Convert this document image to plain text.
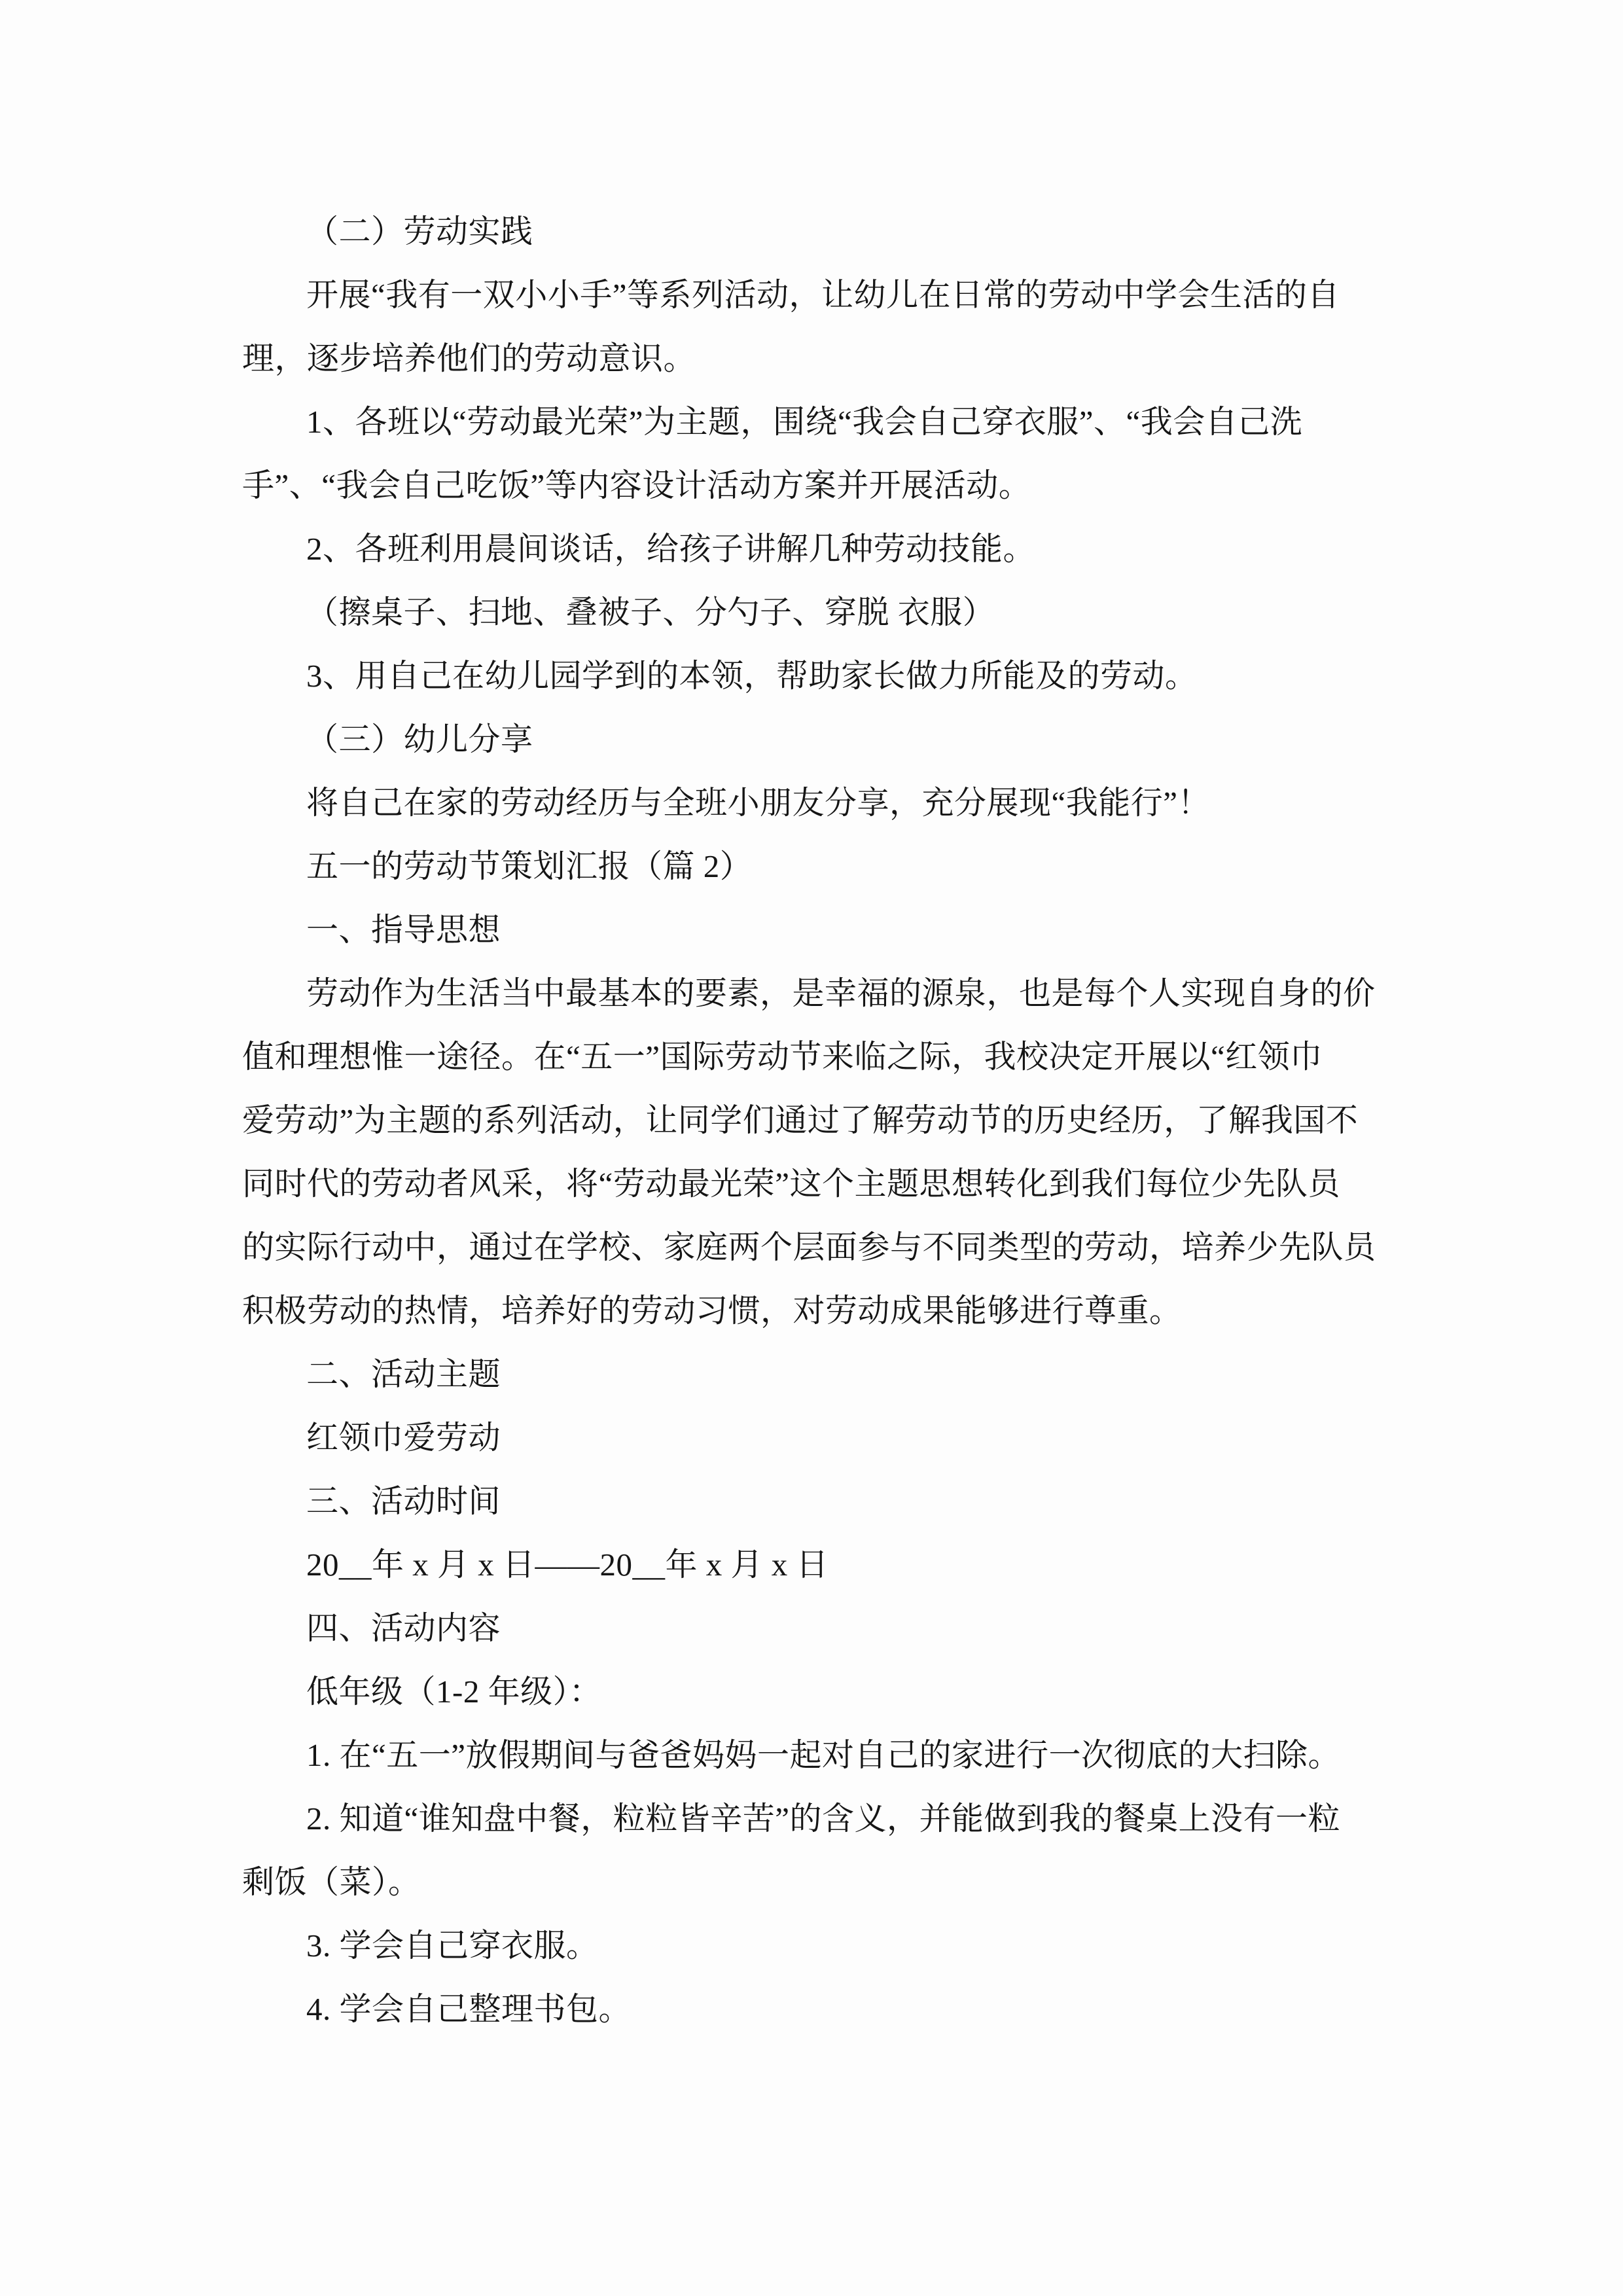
（二）劳动实践
开展“我有一双小小手”等系列活动，让幼儿在日常的劳动中学会生活的自
理，逐步培养他们的劳动意识。
1、各班以“劳动最光荣”为主题，围绕“我会自己穿衣服”、“我会自己洗
手”、“我会自己吃饭”等内容设计活动方案并开展活动。
2、各班利用晨间谈话，给孩子讲解几种劳动技能。
（擦桌子、扫地、叠被子、分勺子、穿脱 衣服）
3、用自己在幼儿园学到的本领，帮助家长做力所能及的劳动。
（三）幼儿分享
将自己在家的劳动经历与全班小朋友分享，充分展现“我能行”！
五一的劳动节策划汇报（篇 2）
一、指导思想
劳动作为生活当中最基本的要素，是幸福的源泉，也是每个人实现自身的价
值和理想惟一途径。在“五一”国际劳动节来临之际，我校决定开展以“红领巾
爱劳动”为主题的系列活动，让同学们通过了解劳动节的历史经历，了解我国不
同时代的劳动者风采，将“劳动最光荣”这个主题思想转化到我们每位少先队员
的实际行动中，通过在学校、家庭两个层面参与不同类型的劳动，培养少先队员
积极劳动的热情，培养好的劳动习惯，对劳动成果能够进行尊重。
二、活动主题
红领巾爱劳动
三、活动时间
20__年 x 月 x 日——20__年 x 月 x 日
四、活动内容
低年级（1-2 年级）：
1. 在“五一”放假期间与爸爸妈妈一起对自己的家进行一次彻底的大扫除。
2. 知道“谁知盘中餐，粒粒皆辛苦”的含义，并能做到我的餐桌上没有一粒
剩饭（菜）。
3. 学会自己穿衣服。
4. 学会自己整理书包。
